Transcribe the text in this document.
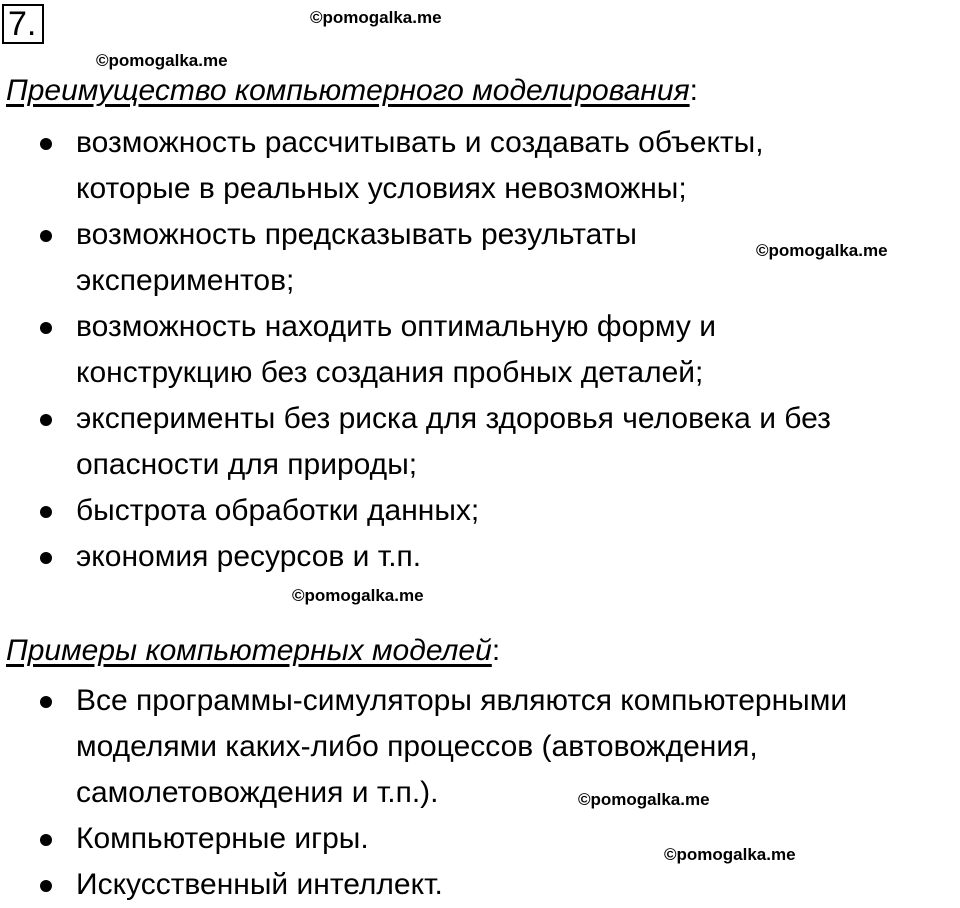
7.	©pomogalka.me
©pomogalka.me
©pomogalka.me
©pomogalka.me
©pomogalka.me
©pomogalka.me
Преимущество компьютерного моделирования:
возможность рассчитывать и создавать объекты,
которые в реальных условиях невозможны;
возможность предсказывать результаты
экспериментов;
возможность находить оптимальную форму и
конструкцию без создания пробных деталей;
эксперименты без риска для здоровья человека и без
опасности для природы;
быстрота обработки данных;
экономия ресурсов и т.п.
Примеры компьютерных моделей:
Все программы-симуляторы являются компьютерными
моделями каких-либо процессов (автовождения,
самолетовождения и т.п.).
Компьютерные игры.
Искусственный интеллект.
